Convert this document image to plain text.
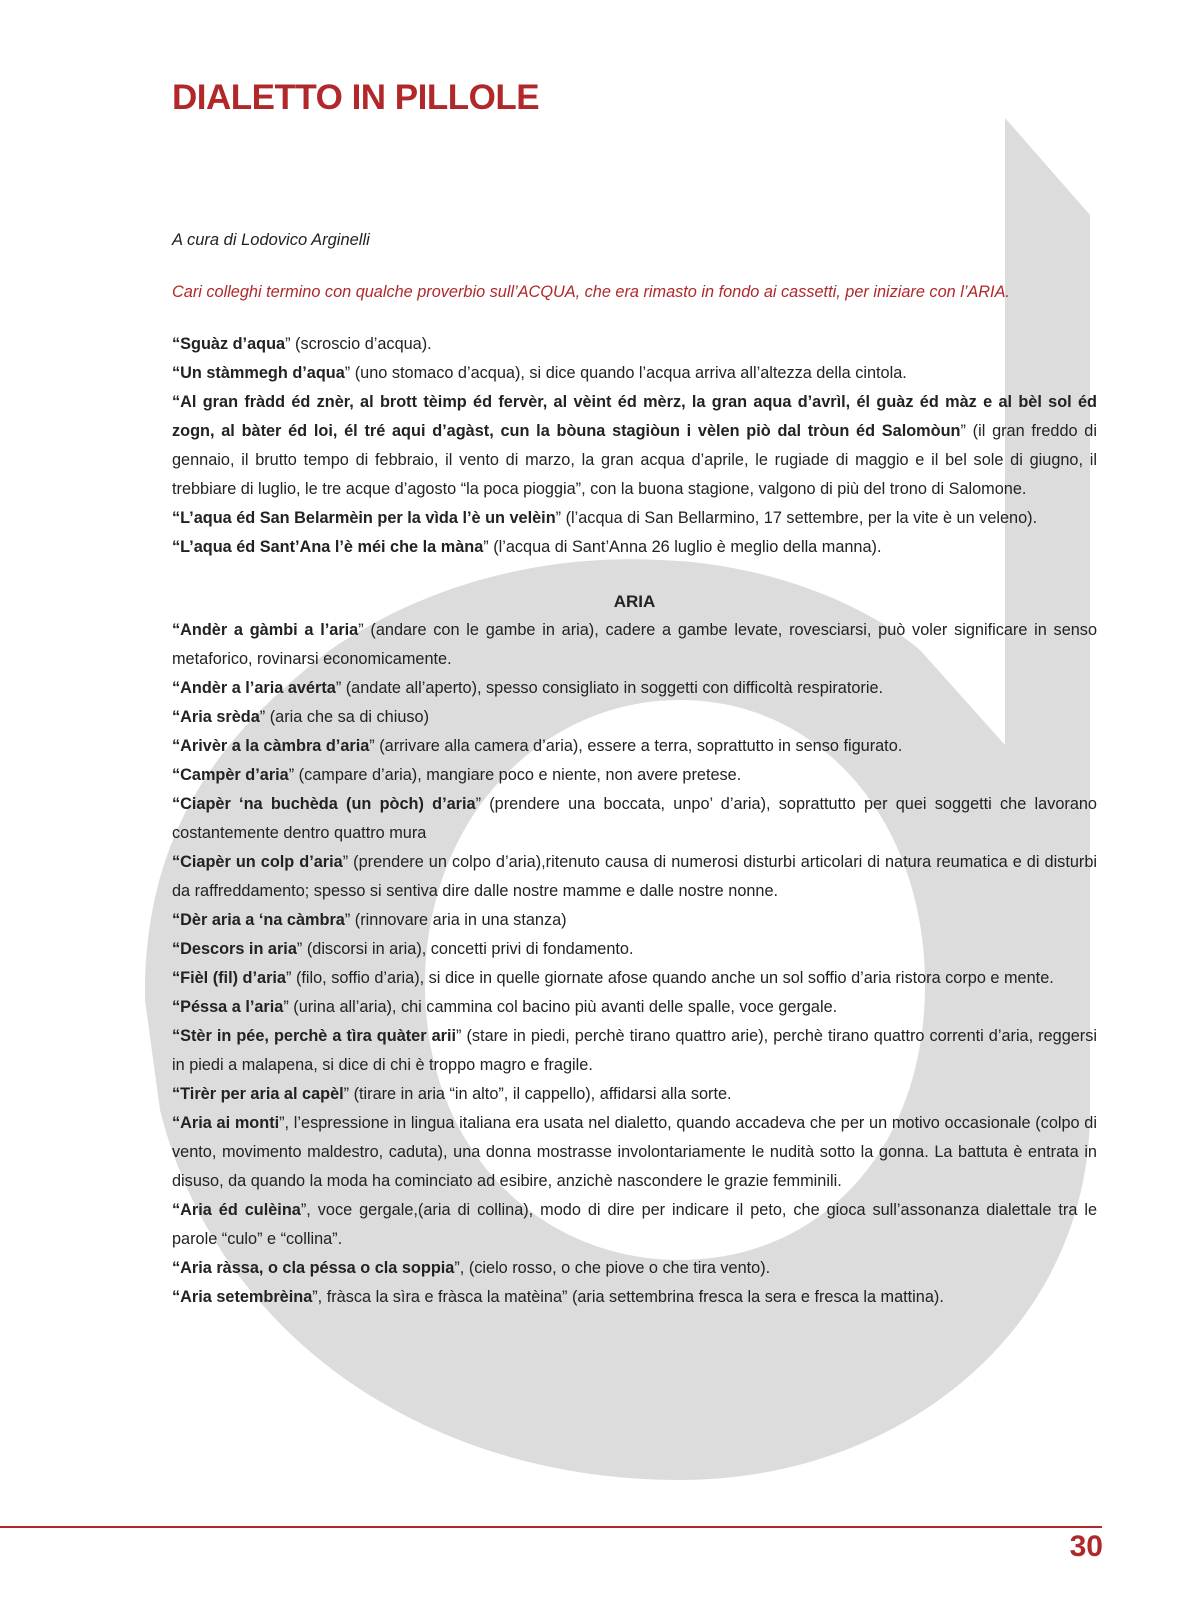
DIALETTO IN PILLOLE

A cura di Lodovico Arginelli

Cari colleghi termino con qualche proverbio sull’ACQUA, che era rimasto in fondo ai cassetti, per iniziare con l’ARIA.

“Sguàz d’aqua” (scroscio d’acqua).

“Un stàmmegh d’aqua” (uno stomaco d’acqua), si dice quando l’acqua arriva all’altezza della cintola.

“Al gran fràdd éd znèr, al brott tèimp éd fervèr, al vèint éd mèrz, la gran aqua d’avrìl, él guàz éd màz e al bèl sol éd zogn, al bàter éd loi, él tré aqui d’agàst, cun la bòuna stagiòun i vèlen piò dal tròun éd Salomòun” (il gran freddo di gennaio, il brutto tempo di febbraio, il vento di marzo, la gran acqua d’aprile, le rugiade di maggio e il bel sole di giugno, il trebbiare di luglio, le tre acque d’agosto “la poca pioggia”, con la buona stagione, valgono di più del trono di Salomone.

“L’aqua éd San Belarmèin per la vìda l’è un velèin” (l’acqua di San Bellarmino, 17 settembre, per la vite è un veleno).

“L’aqua éd Sant’Ana l’è méi che la màna” (l’acqua di Sant’Anna 26 luglio è meglio della manna).

ARIA

“Andèr a gàmbi a l’aria” (andare con le gambe in aria), cadere a gambe levate, rovesciarsi, può voler significare in senso metaforico, rovinarsi economicamente.

“Andèr a l’aria avérta” (andate all’aperto), spesso consigliato in soggetti con difficoltà respiratorie.

“Aria srèda” (aria che sa di chiuso)

“Arivèr a la càmbra d’aria” (arrivare alla camera d’aria), essere a terra, soprattutto in senso figurato.

“Campèr d’aria” (campare d’aria), mangiare poco e niente, non avere pretese.

“Ciapèr ‘na buchèda (un pòch) d’aria” (prendere una boccata, unpo’ d’aria), soprattutto per quei soggetti che lavorano costantemente dentro quattro mura

“Ciapèr un colp d’aria” (prendere un colpo d’aria),ritenuto causa di numerosi disturbi articolari di natura reumatica e di disturbi da raffreddamento; spesso si sentiva dire dalle nostre mamme e dalle nostre nonne.

“Dèr aria a ‘na càmbra” (rinnovare aria in una stanza)

“Descors in aria” (discorsi in aria), concetti privi di fondamento.

“Fièl (fil) d’aria” (filo, soffio d’aria), si dice in quelle giornate afose quando anche un sol soffio d’aria ristora corpo e mente.

“Péssa a l’aria” (urina all’aria), chi cammina col bacino più avanti delle spalle, voce gergale.

“Stèr in pée, perchè a tìra quàter arii” (stare in piedi, perchè tirano quattro arie), perchè tirano quattro correnti d’aria, reggersi in piedi a malapena, si dice di chi è troppo magro e fragile.

“Tirèr per aria al capèl” (tirare in aria “in alto”, il cappello), affidarsi alla sorte.

“Aria ai monti”, l’espressione in lingua italiana era usata nel dialetto, quando accadeva che per un motivo occasionale (colpo di vento, movimento maldestro, caduta), una donna mostrasse involontariamente le nudità sotto la gonna. La battuta è entrata in disuso, da quando la moda ha cominciato ad esibire, anzichè nascondere le grazie femminili.

“Aria éd culèina”, voce gergale,(aria di collina), modo di dire per indicare il peto, che gioca sull’assonanza dialettale tra le parole “culo” e “collina”.

“Aria ràssa, o cla péssa o cla soppia”, (cielo rosso, o che piove o che tira vento).

“Aria setembrèina”, fràsca la sìra e fràsca la matèina” (aria settembrina fresca la sera e fresca la mattina).

30
